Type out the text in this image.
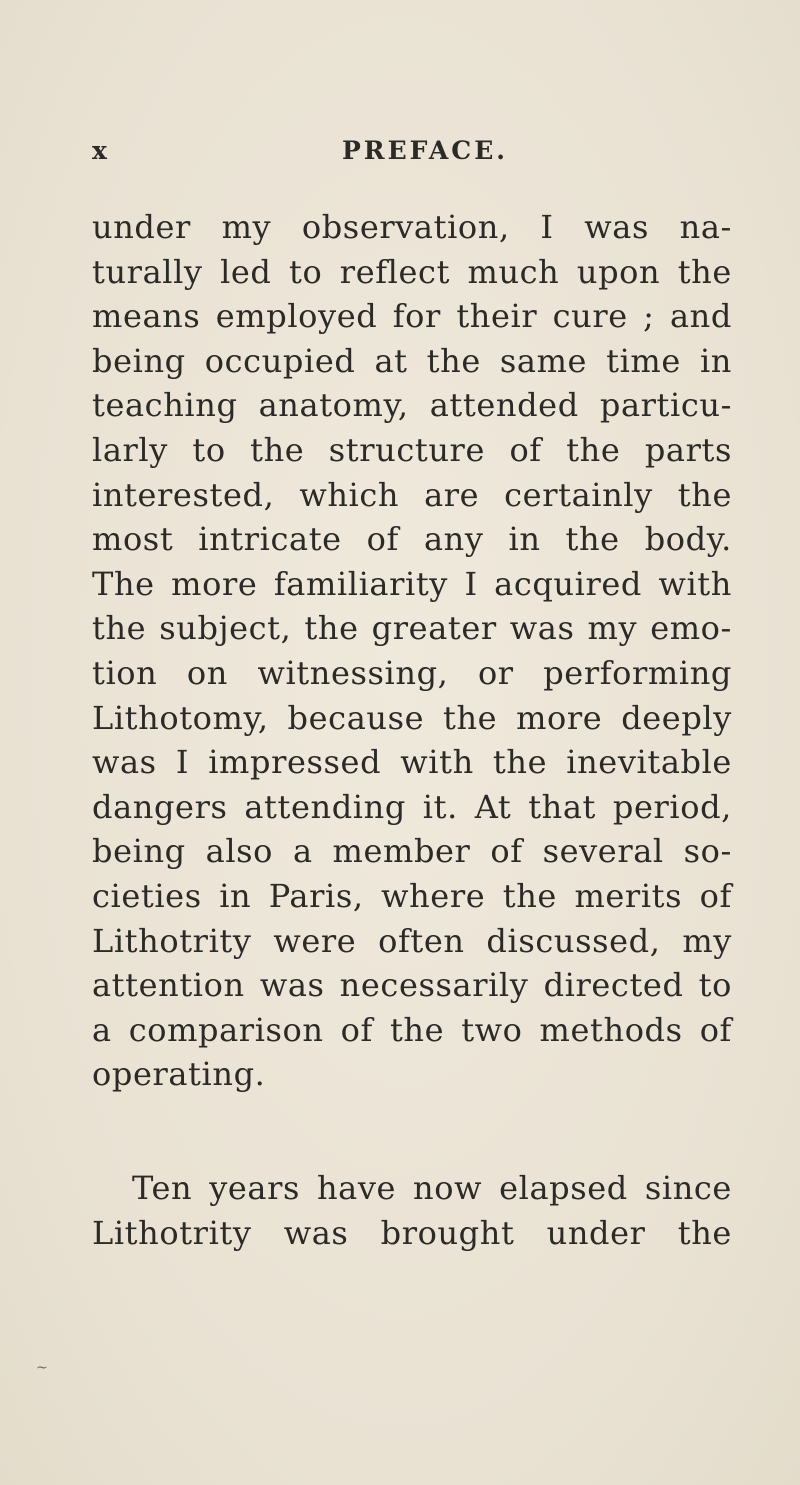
x	PREFACE.
under my observation, I was na-
turally led to reflect much upon the
means employed for their cure ; and
being occupied at the same time in
teaching anatomy, attended particu-
larly to the structure of the parts
interested, which are certainly the
most intricate of any in the body.
The more familiarity I acquired with
the subject, the greater was my emo-
tion on witnessing, or performing
Lithotomy, because the more deeply
was I impressed with the inevitable
dangers attending it. At that period,
being also a member of several so-
cieties in Paris, where the merits of
Lithotrity were often discussed, my
attention was necessarily directed to
a comparison of the two methods of
operating.
Ten years have now elapsed since
Lithotrity was brought under the
~
